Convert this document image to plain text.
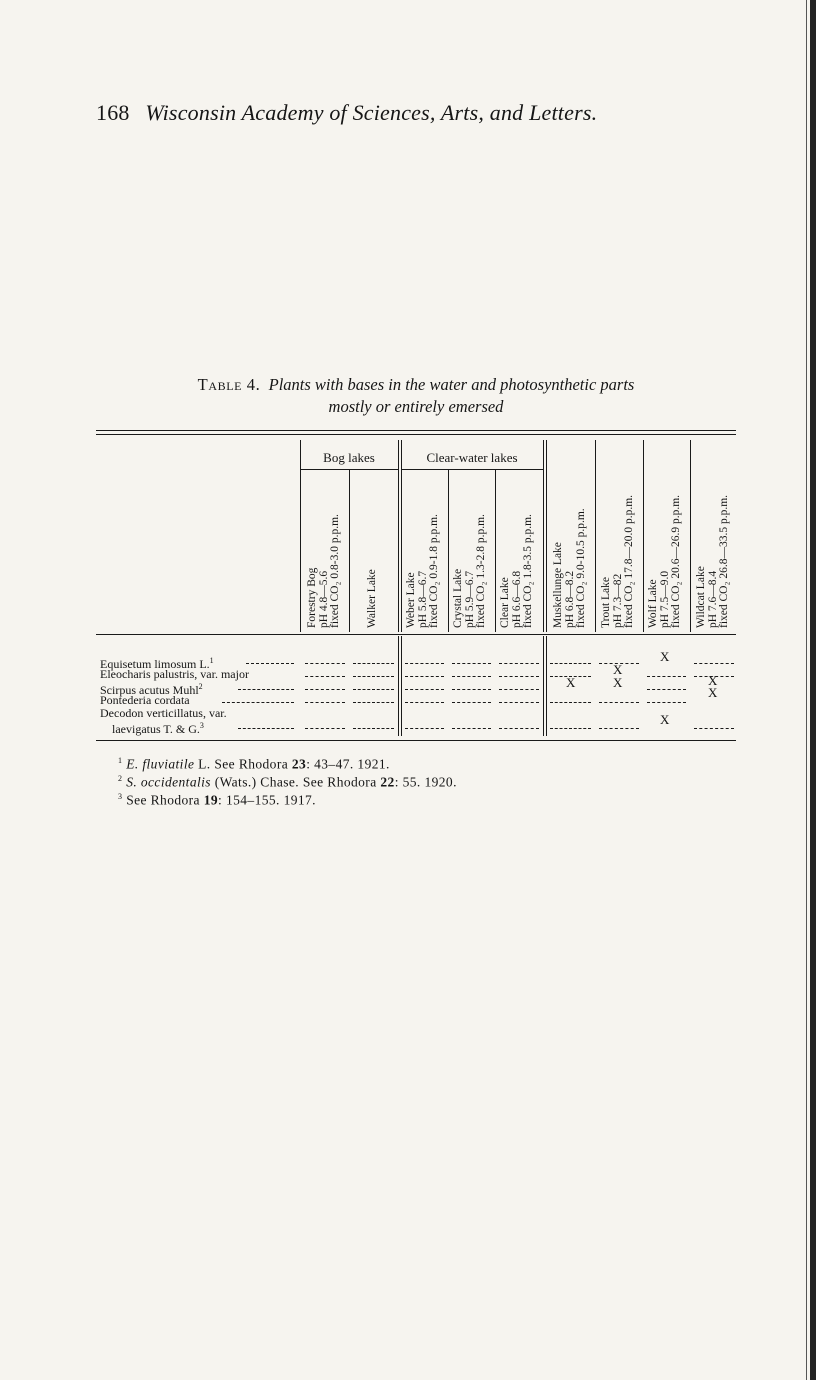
168 Wisconsin Academy of Sciences, Arts, and Letters.
Table 4. Plants with bases in the water and photosynthetic parts
mostly or entirely emersed
Bog lakes	Clear-water lakes
Forestry Bog pH 4.8—5.6 fixed CO₂ 0.8-3.0 p.p.m. Walker Lake Weber Lake pH 5.8—6.7 fixed CO₂ 0.9-1.8 p.p.m. Crystal Lake pH 5.9—6.7 fixed CO₂ 1.3-2.8 p.p.m. Clear Lake pH 6.6—6.8 fixed CO₂ 1.8-3.5 p.p.m. Muskellunge Lake pH 6.8—8.2 fixed CO₂ 9.0-10.5 p.p.m. Trout Lake pH 7.3—82 fixed CO₂ 17.8—20.0 p.p.m. Wolf Lake pH 7.5—9.0 fixed CO₂ 20.6—26.9 p.p.m. Wildcat Lake pH 7.6—8.4 fixed CO₂ 26.8—33.5 p.p.m.
Equisetum limosum L.$^1$
Eleocharis palustris, var. major
Scirpus acutus Muhl$^2$
Pontederia cordata
Decodon verticillatus, var.
laevigatus T. & G.$^3$
X
X
X
X	X
X
X
$^1$ E. fluviatile L. See Rhodora 23: 43–47. 1921.
$^2$ S. occidentalis (Wats.) Chase. See Rhodora 22: 55. 1920.
$^3$ See Rhodora 19: 154–155. 1917.
